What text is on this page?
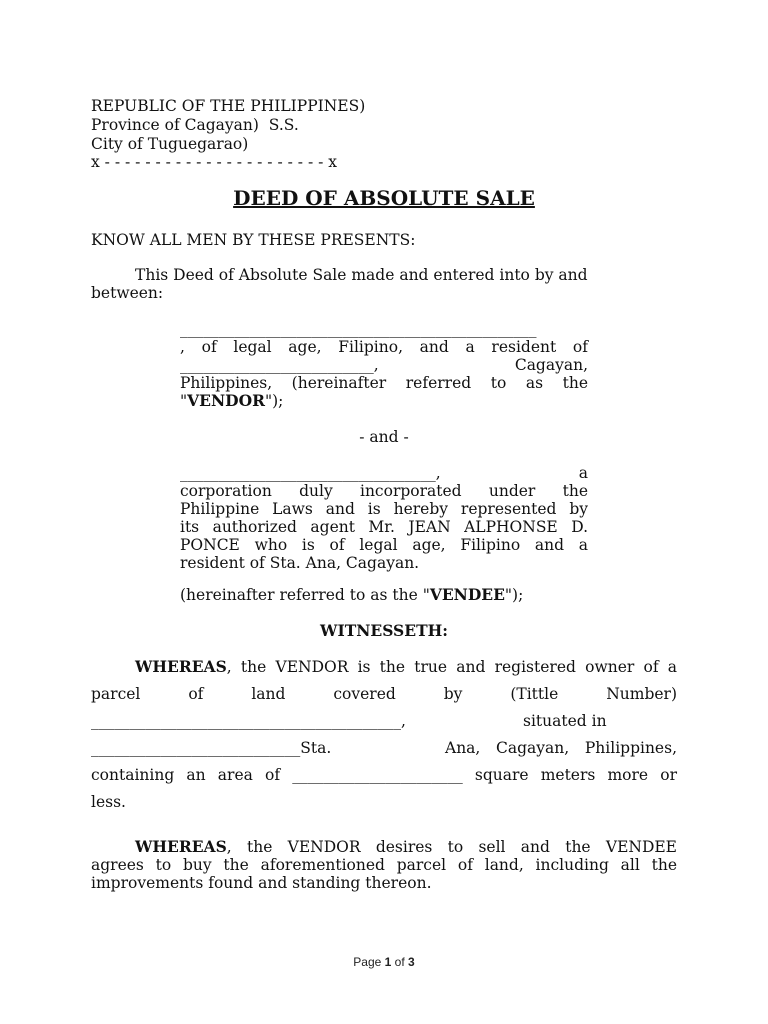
REPUBLIC OF THE PHILIPPINES)
Province of Cagayan)  S.S.
City of Tuguegarao)
x - - - - - - - - - - - - - - - - - - - - - - x
DEED OF ABSOLUTE SALE
KNOW ALL MEN BY THESE PRESENTS:
This Deed of Absolute Sale made and entered into by and
between:
______________________________________________
, of legal age, Filipino, and a resident of
_________________________,	Cagayan,
Philippines, (hereinafter referred to as the
"VENDOR");
- and -
_________________________________,	a
corporation duly incorporated under the
Philippine Laws and is hereby represented by
its authorized agent Mr. JEAN ALPHONSE D.
PONCE who is of legal age, Filipino and a
resident of Sta. Ana, Cagayan.
(hereinafter referred to as the "VENDEE");
WITNESSETH:
WHEREAS, the VENDOR is the true and registered owner of a
parcel of land covered by (Tittle Number)
________________________________________,	situated in
___________________________Sta.	Ana, Cagayan, Philippines,
containing an area of ______________________ square meters more or
less.
WHEREAS, the VENDOR desires to sell and the VENDEE
agrees to buy the aforementioned parcel of land, including all the
improvements found and standing thereon.
Page 1 of 3
